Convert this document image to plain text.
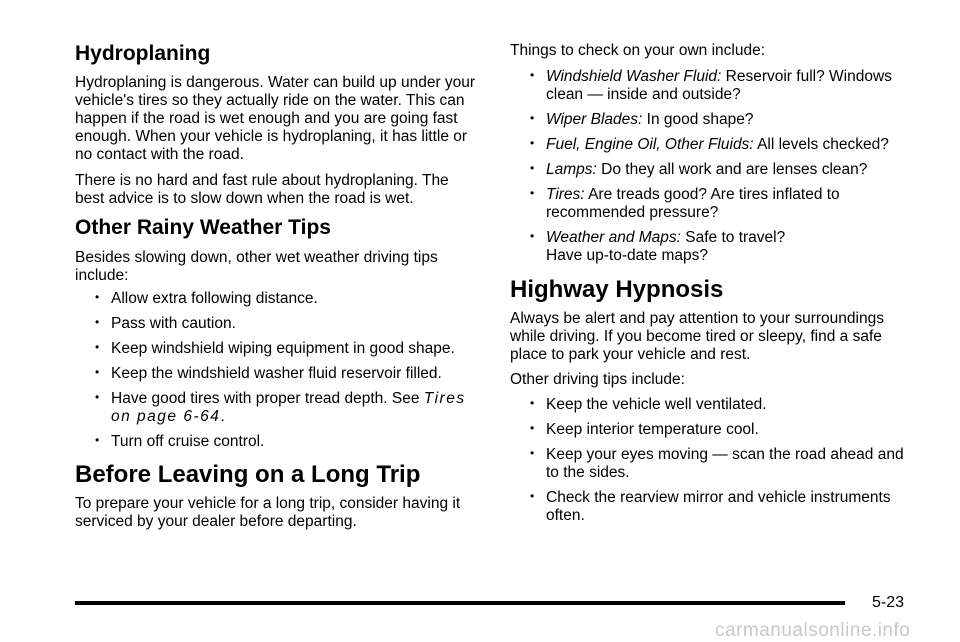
Hydroplaning

Hydroplaning is dangerous. Water can build up under your vehicle's tires so they actually ride on the water. This can happen if the road is wet enough and you are going fast enough. When your vehicle is hydroplaning, it has little or no contact with the road.

There is no hard and fast rule about hydroplaning. The best advice is to slow down when the road is wet.

Other Rainy Weather Tips

Besides slowing down, other wet weather driving tips include:

• Allow extra following distance.
• Pass with caution.
• Keep windshield wiping equipment in good shape.
• Keep the windshield washer fluid reservoir filled.
• Have good tires with proper tread depth. See Tires on page 6-64.
• Turn off cruise control.
Before Leaving on a Long Trip

To prepare your vehicle for a long trip, consider having it serviced by your dealer before departing.

Things to check on your own include:

• Windshield Washer Fluid: Reservoir full? Windows clean — inside and outside?
• Wiper Blades: In good shape?
• Fuel, Engine Oil, Other Fluids: All levels checked?
• Lamps: Do they all work and are lenses clean?
• Tires: Are treads good? Are tires inflated to recommended pressure?
• Weather and Maps: Safe to travel? Have up-to-date maps?
Highway Hypnosis

Always be alert and pay attention to your surroundings while driving. If you become tired or sleepy, find a safe place to park your vehicle and rest.

Other driving tips include:

• Keep the vehicle well ventilated.
• Keep interior temperature cool.
• Keep your eyes moving — scan the road ahead and to the sides.
• Check the rearview mirror and vehicle instruments often.
5-23
carmanualsonline.info
